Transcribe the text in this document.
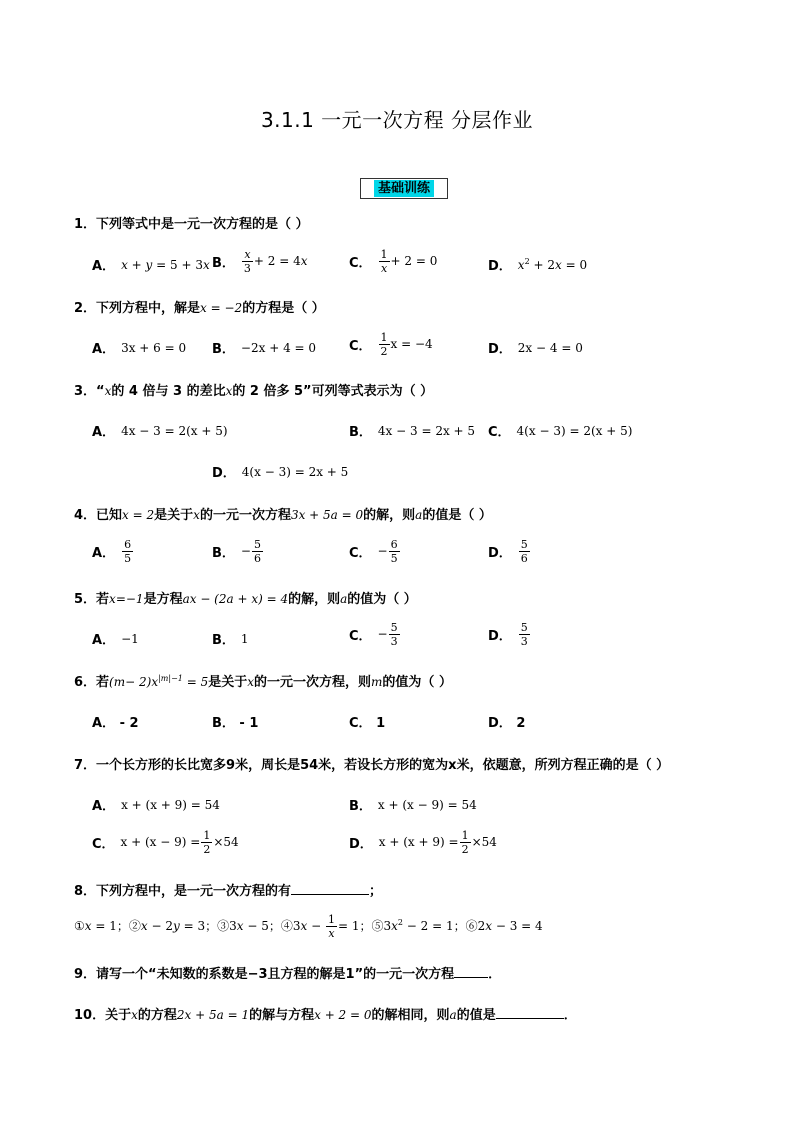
3.1.1 一元一次方程 分层作业
基础训练
1．下列等式中是一元一次方程的是（ ）
A． x + y = 5 + 3x B． $\frac{x}{3} + 2 = 4x$	C． $\frac{1}{x} + 2 = 0$	D． $x^2 + 2x = 0$
2．下列方程中，解是x = −2的方程是（ ）
A． 3x + 6 = 0 B． −2x + 4 = 0	C． $\frac{1}{2}$ x = −4	D． 2x − 4 = 0
3．“x的 4 倍与 3 的差比x的 2 倍多 5”可列等式表示为（ ）
A． 4x − 3 = 2(x + 5)	B． 4x − 3 = 2x + 5 C． 4(x − 3) = 2(x + 5)
D． 4(x − 3) = 2x + 5
4．已知x = 2是关于x的一元一次方程3x + 5a = 0的解，则a的值是（ ）
A． $\frac{6}{5}$	B． − $\frac{5}{6}$	C． − $\frac{6}{5}$	D． $\frac{5}{6}$
5．若x=−1是方程ax − (2a + x) = 4的解，则a的值为（ ）
A． −1	B． 1	C． − $\frac{5}{3}$	D． $\frac{5}{3}$
6．若$(m- 2)x^{|m|-1} = 5$是关于x的一元一次方程，则m的值为（ ）
A． - 2	B． - 1	C． 1	D． 2
7．一个长方形的长比宽多9米，周长是54米，若设长方形的宽为x米，依题意，所列方程正确的是（ ）
A． x + (x + 9) = 54	B． x + (x − 9) = 54
C． $x + (x - 9) = \frac{1}{2} \times 54$	D． $x + (x + 9) = \frac{1}{2} \times 54$
8．下列方程中，是一元一次方程的有	；
①x = 1；②x − 2y = 3；③3x − 5；④3x − $\frac{1}{x} = 1$；$⑤3x^2 - 2 = 1$；⑥2x − 3 = 4
9．请写一个“未知数的系数是−3且方程的解是1”的一元一次方程	．
10．关于x的方程2x + 5a = 1的解与方程x + 2 = 0的解相同，则a的值是	．
